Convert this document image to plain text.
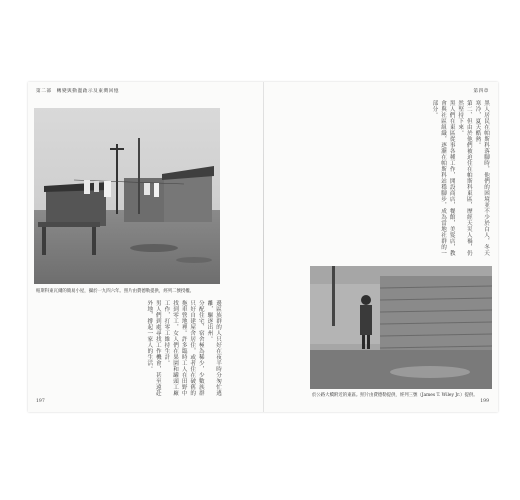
第二部　轉變與動盪啟示及東灣回憶
帕斯科東瓦爾的簡易小屋，攝於一九四六年。照片由費德勒提供，經列二號授權。

邊區族群的人只好在夜半時分匆忙逃離，驅逐出州。

分配住宅、宿舍極為稀少，少數族群只好自建屋舍居住，或者住在破舊的拖車營地裡。許多臨時工人在田野中找到零工，女人們在果園和罐頭工廠工作，打零工維持生計。

男人們到處尋找工作機會，甚至遠赴外地，撐起一家人的生活。

197
第四章

黑人居民在帕斯科落腳時，他們的困境並不少於白人，冬天寒冷，夏天酷熱。

第二、但由於他們被迫住在帕斯科東區，歷經天災人禍，仍然堅持下來。

黑人們在東區從事各種工作，開設商店，餐館，美髮店，教會與社區組織，逐漸在帕斯科站穩腳步，成為當地社群的一部分。

於公路大橋附近的東區。照片由費德勒提供，經列三號（James T. Wiley Jr.）提供。
199
